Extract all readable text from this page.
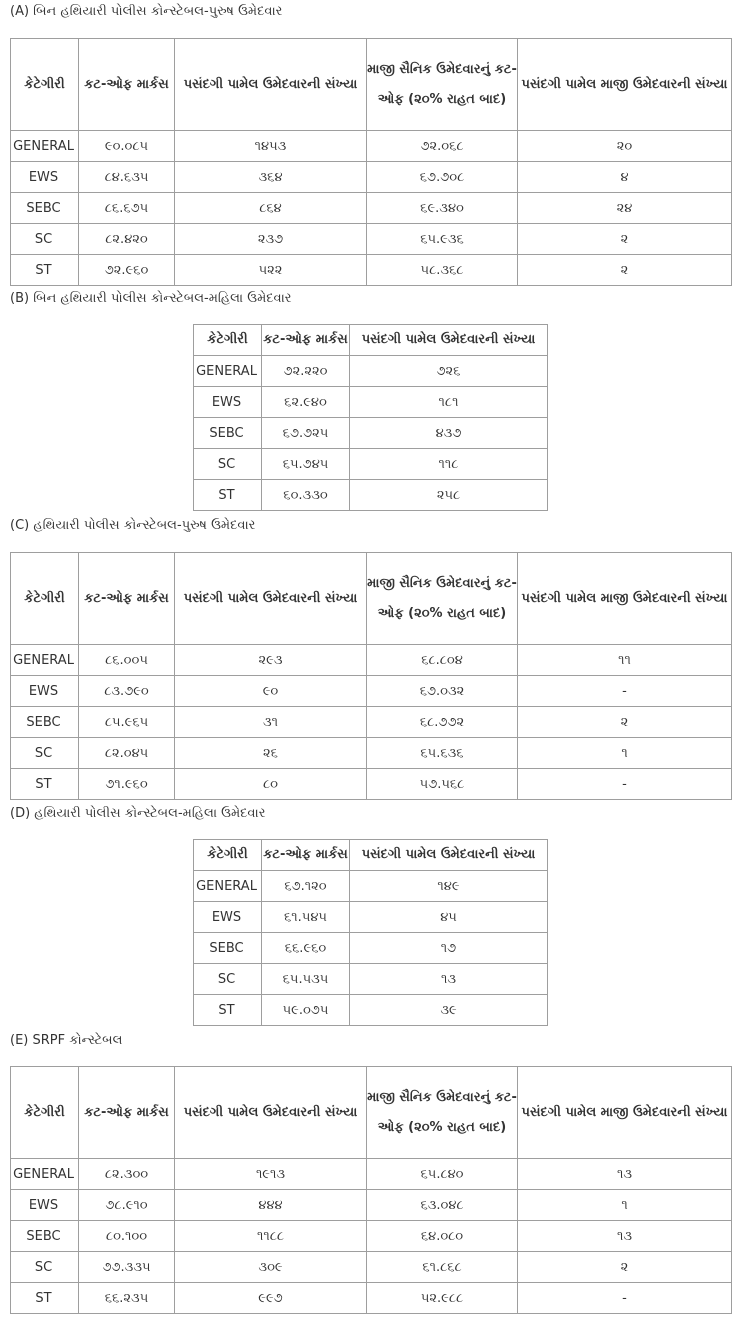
(A) બિન હથિયારી પોલીસ કોન્સ્ટેબલ-પુરુષ ઉમેદવાર
કેટેગીરી	કટ-ઓફ માર્કસ	પસંદગી પામેલ ઉમેદવારની સંખ્યા	માજી સૈનિક ઉમેદવારનું કટ-ઓફ (૨૦% રાહત બાદ)	પસંદગી પામેલ માજી ઉમેદવારની સંખ્યા
GENERAL	૯૦.૦૮૫	૧૪૫૩	૭૨.૦૬૮	૨૦
EWS	૮૪.૬૩૫	૩૬૪	૬૭.૭૦૮	૪
SEBC	૮૬.૬૭૫	૮૬૪	૬૯.૩૪૦	૨૪
SC	૮૨.૪૨૦	૨૩૭	૬૫.૯૩૬	૨
ST	૭૨.૯૬૦	૫૨૨	૫૮.૩૬૮	૨
(B) બિન હથિયારી પોલીસ કોન્સ્ટેબલ-મહિલા ઉમેદવાર
કેટેગીરી	કટ-ઓફ માર્કસ	પસંદગી પામેલ ઉમેદવારની સંખ્યા
GENERAL	૭૨.૨૨૦	૭૨૬
EWS	૬૨.૯૪૦	૧૮૧
SEBC	૬૭.૭૨૫	૪૩૭
SC	૬૫.૭૪૫	૧૧૮
ST	૬૦.૩૩૦	૨૫૮
(C) હથિયારી પોલીસ કોન્સ્ટેબલ-પુરુષ ઉમેદવાર
કેટેગીરી	કટ-ઓફ માર્કસ	પસંદગી પામેલ ઉમેદવારની સંખ્યા	માજી સૈનિક ઉમેદવારનું કટ-ઓફ (૨૦% રાહત બાદ)	પસંદગી પામેલ માજી ઉમેદવારની સંખ્યા
GENERAL	૮૬.૦૦૫	૨૯૩	૬૮.૮૦૪	૧૧
EWS	૮૩.૭૯૦	૯૦	૬૭.૦૩૨	-
SEBC	૮૫.૯૬૫	૩૧	૬૮.૭૭૨	૨
SC	૮૨.૦૪૫	૨૬	૬૫.૬૩૬	૧
ST	૭૧.૯૬૦	૮૦	૫૭.૫૬૮	-
(D) હથિયારી પોલીસ કોન્સ્ટેબલ-મહિલા ઉમેદવાર
કેટેગીરી	કટ-ઓફ માર્કસ	પસંદગી પામેલ ઉમેદવારની સંખ્યા
GENERAL	૬૭.૧૨૦	૧૪૯
EWS	૬૧.૫૪૫	૪૫
SEBC	૬૬.૯૬૦	૧૭
SC	૬૫.૫૩૫	૧૩
ST	૫૯.૦૭૫	૩૯
(E) SRPF કોન્સ્ટેબલ
કેટેગીરી	કટ-ઓફ માર્કસ	પસંદગી પામેલ ઉમેદવારની સંખ્યા	માજી સૈનિક ઉમેદવારનું કટ-ઓફ (૨૦% રાહત બાદ)	પસંદગી પામેલ માજી ઉમેદવારની સંખ્યા
GENERAL	૮૨.૩૦૦	૧૯૧૩	૬૫.૮૪૦	૧૩
EWS	૭૮.૯૧૦	૪૪૪	૬૩.૦૪૮	૧
SEBC	૮૦.૧૦૦	૧૧૮૮	૬૪.૦૮૦	૧૩
SC	૭૭.૩૩૫	૩૦૯	૬૧.૮૬૮	૨
ST	૬૬.૨૩૫	૯૯૭	૫૨.૯૮૮	-
